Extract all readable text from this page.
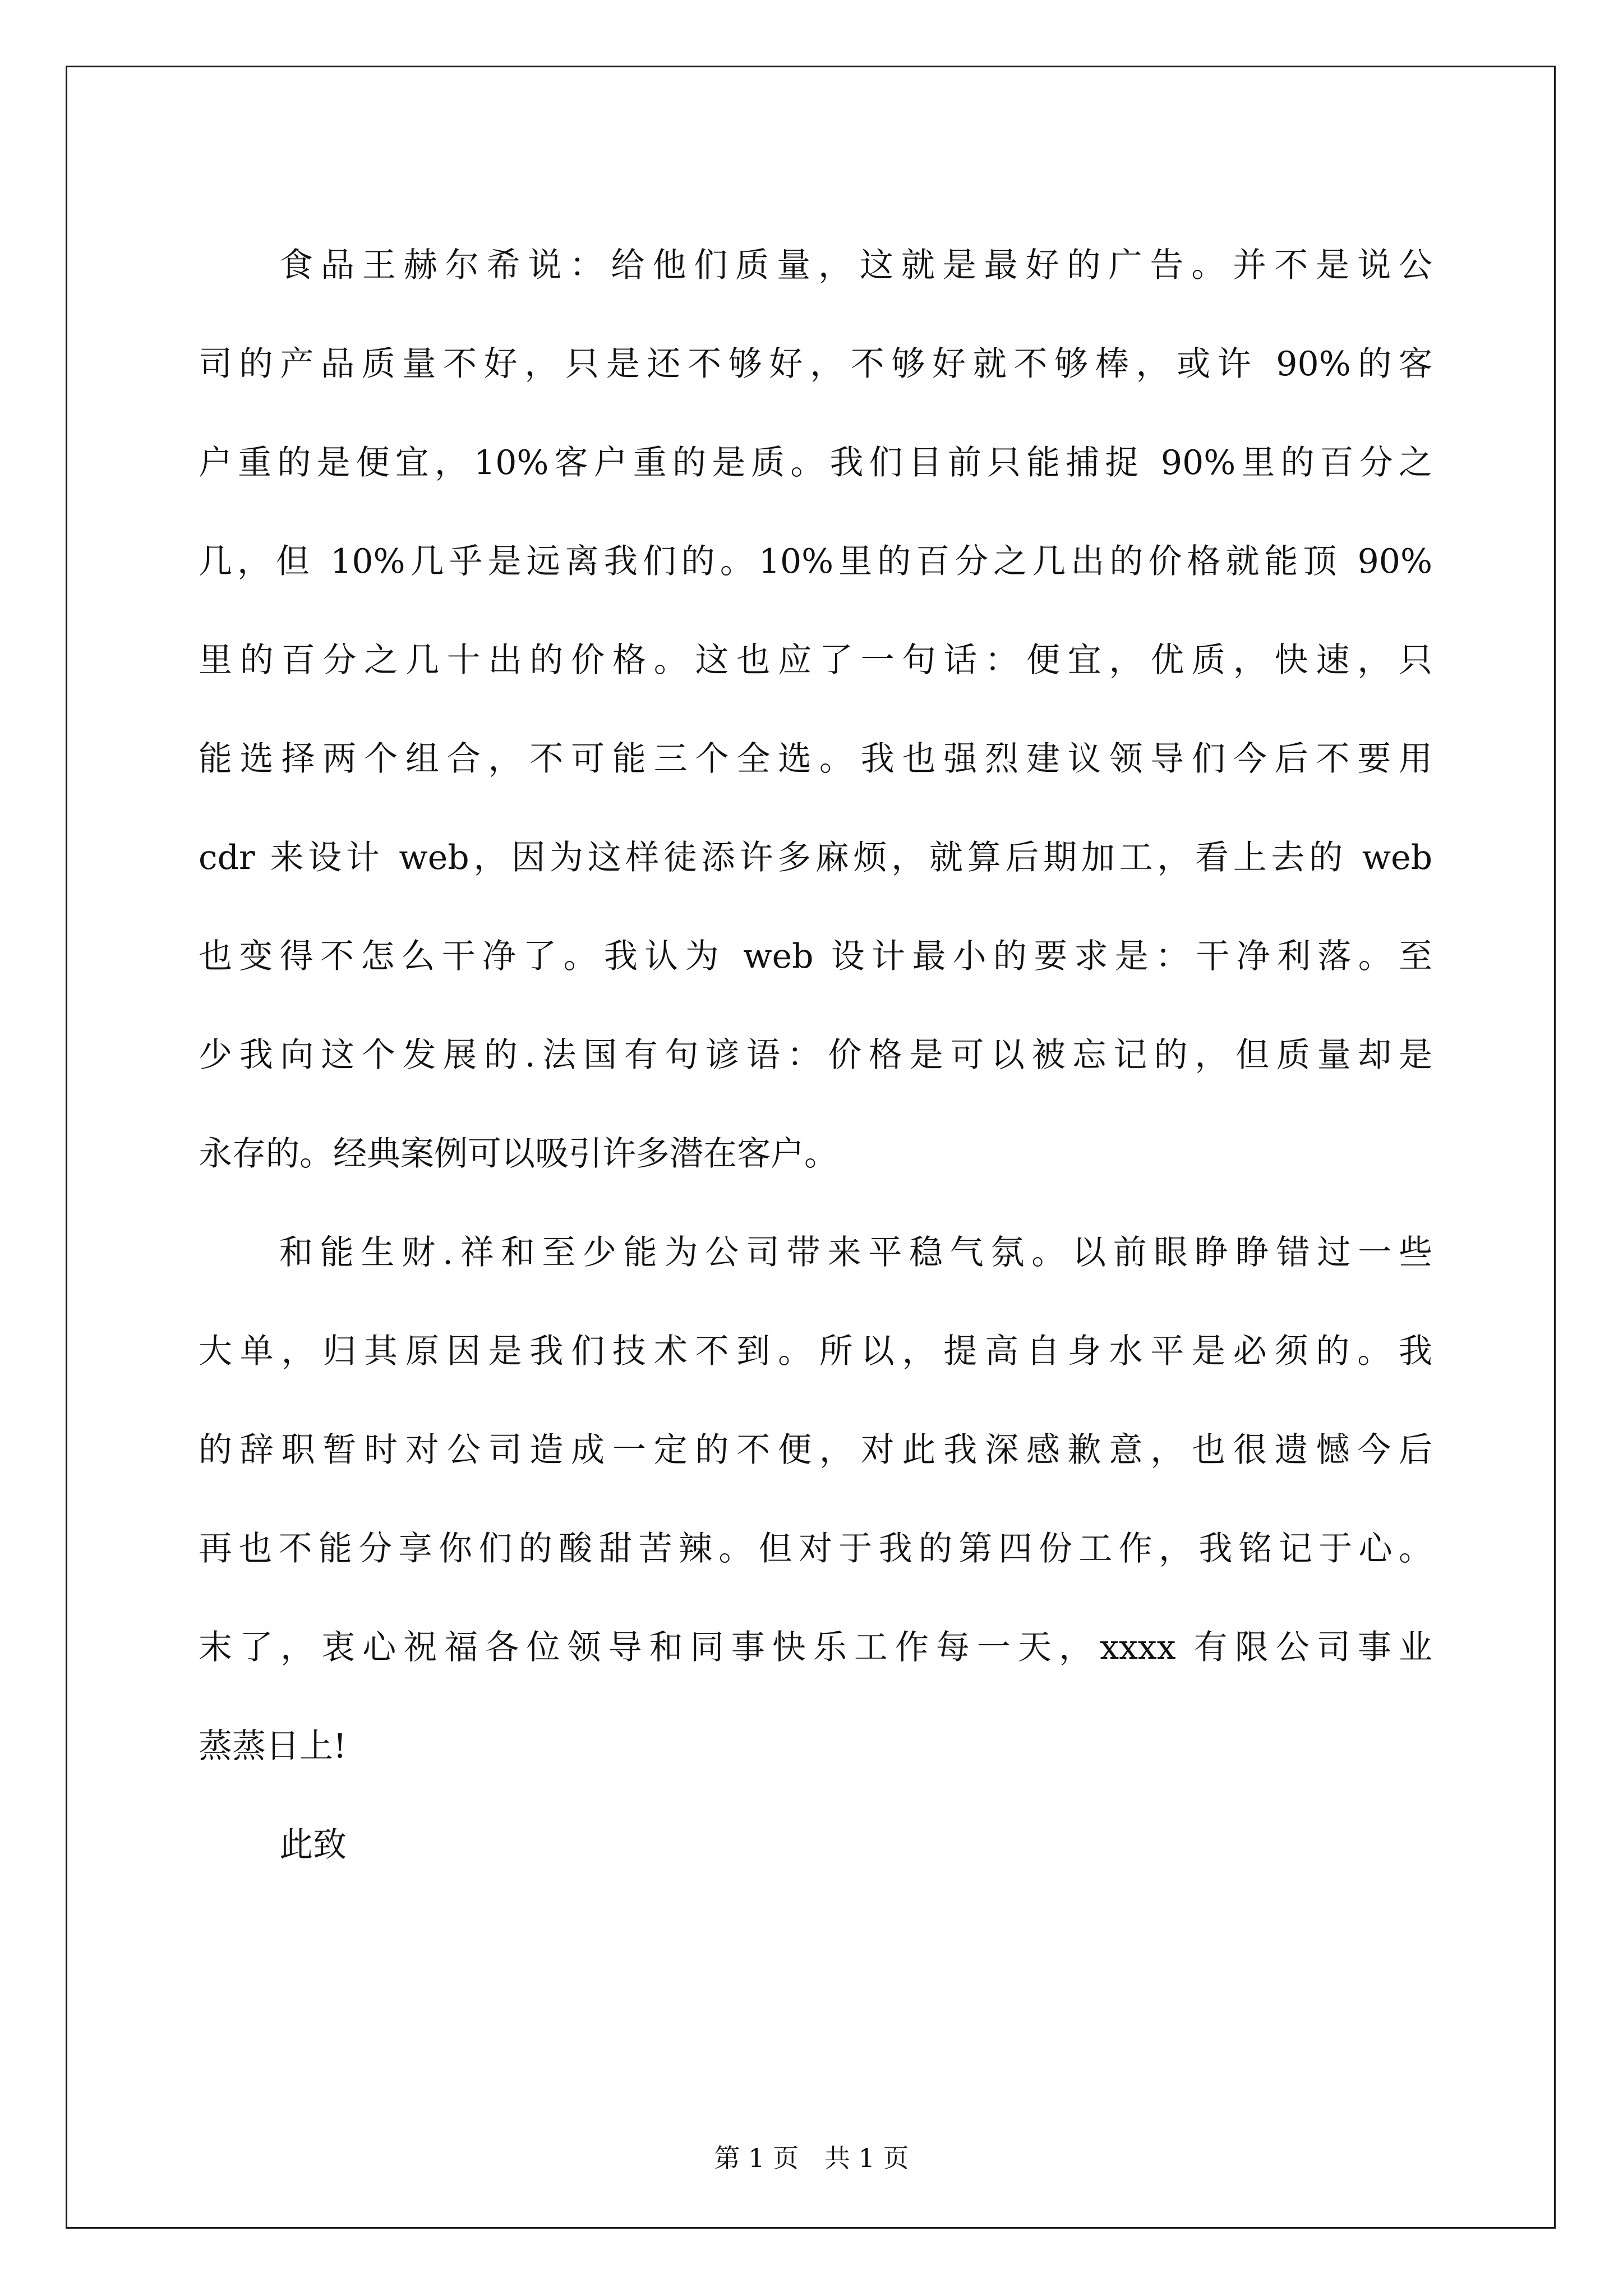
食品王赫尔希说：给他们质量，这就是最好的广告。并不是说公
司的产品质量不好，只是还不够好，不够好就不够棒，或许 90%的客
户重的是便宜，10%客户重的是质。我们目前只能捕捉 90%里的百分之
几，但 10%几乎是远离我们的。10%里的百分之几出的价格就能顶 90%
里的百分之几十出的价格。这也应了一句话：便宜，优质，快速，只
能选择两个组合，不可能三个全选。我也强烈建议领导们今后不要用
cdr 来设计 web，因为这样徒添许多麻烦，就算后期加工，看上去的 web
也变得不怎么干净了。我认为 web 设计最小的要求是：干净利落。至
少我向这个发展的.法国有句谚语：价格是可以被忘记的，但质量却是
永存的。经典案例可以吸引许多潜在客户。
和能生财.祥和至少能为公司带来平稳气氛。以前眼睁睁错过一些
大单，归其原因是我们技术不到。所以，提高自身水平是必须的。我
的辞职暂时对公司造成一定的不便，对此我深感歉意，也很遗憾今后
再也不能分享你们的酸甜苦辣。但对于我的第四份工作，我铭记于心。
末了，衷心祝福各位领导和同事快乐工作每一天，xxxx 有限公司事业
蒸蒸日上!
此致
第 1 页　共 1 页
